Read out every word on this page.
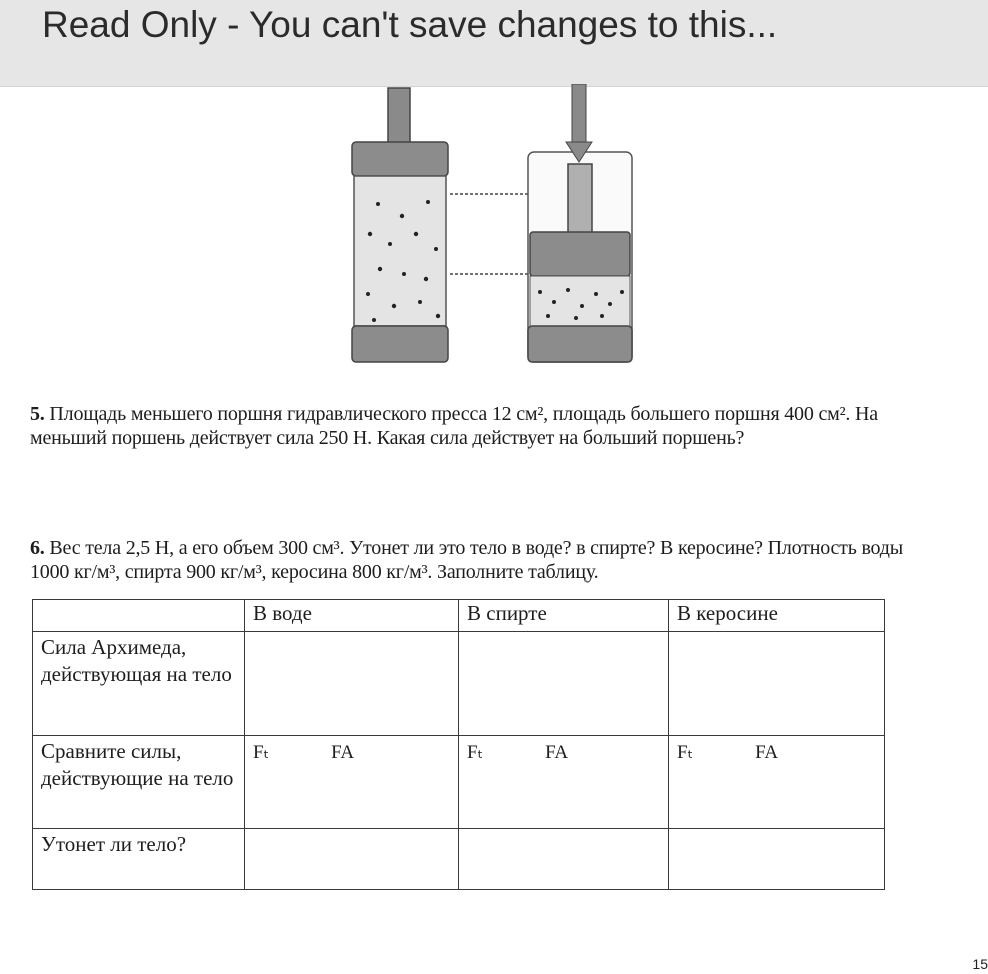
Read Only - You can't save changes to this...
5. Площадь меньшего поршня гидравлического пресса 12 см², площадь большего поршня 400 см². На меньший поршень действует сила 250 Н. Какая сила действует на больший поршень?
6. Вес тела 2,5 Н, а его объем 300 см³. Утонет ли это тело в воде? в спирте? В керосине? Плотность воды 1000 кг/м³, спирта 900 кг/м³, керосина 800 кг/м³. Заполните таблицу.
	В воде	В спирте	В керосине
Сила Архимеда, действующая на тело			
Сравните силы, действующие на тело	Fₜ FA	Fₜ FA	Fₜ FA
Утонет ли тело?			
15
